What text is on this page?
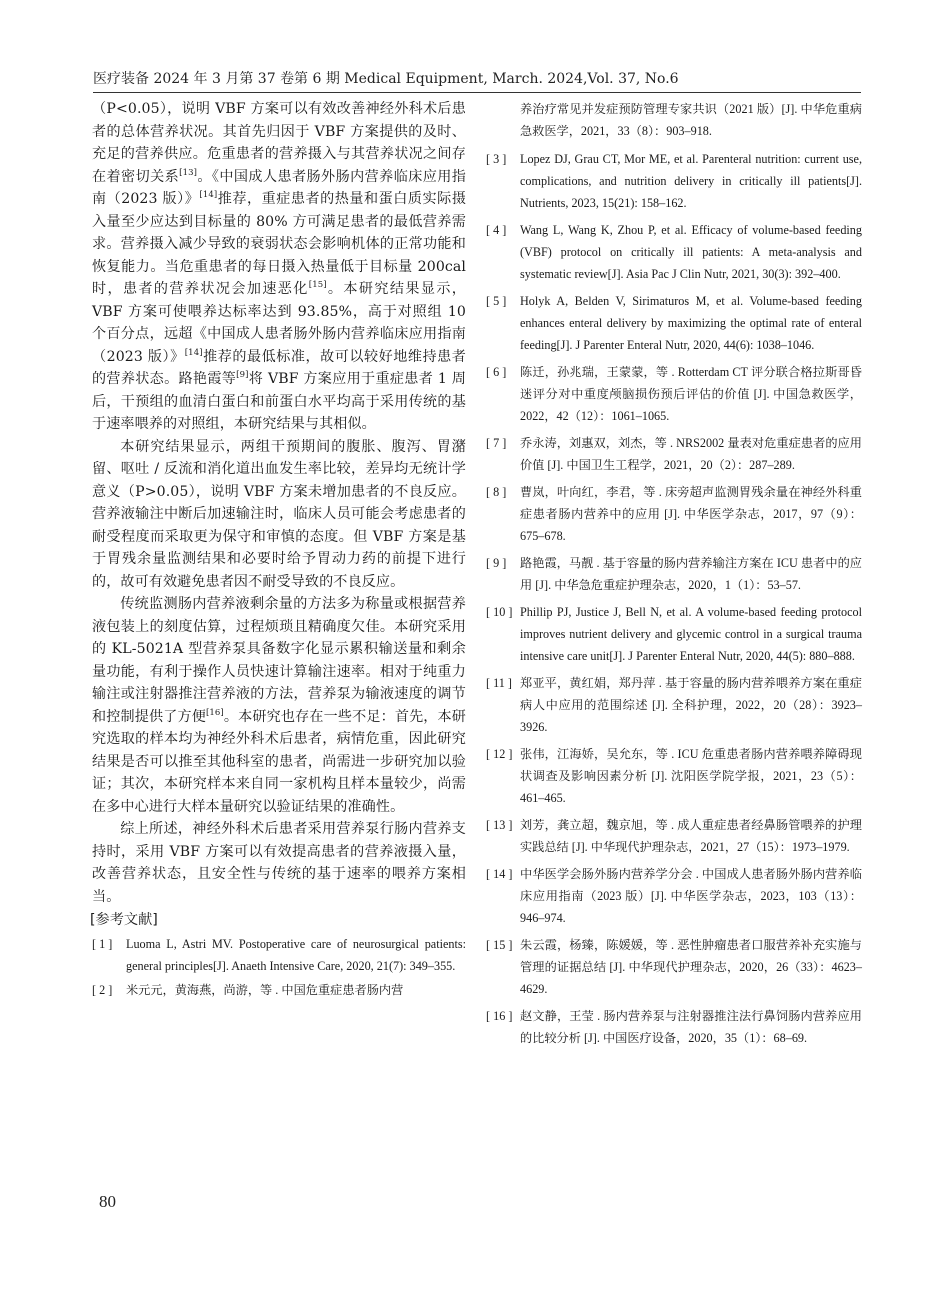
医疗装备 2024 年 3 月第 37 卷第 6 期 Medical Equipment, March. 2024,Vol. 37, No.6

（P<0.05），说明 VBF 方案可以有效改善神经外科术后患者的总体营养状况。其首先归因于 VBF 方案提供的及时、充足的营养供应。危重患者的营养摄入与其营养状况之间存在着密切关系[13]。《中国成人患者肠外肠内营养临床应用指南（2023 版）》[14]推荐，重症患者的热量和蛋白质实际摄入量至少应达到目标量的 80% 方可满足患者的最低营养需求。营养摄入减少导致的衰弱状态会影响机体的正常功能和恢复能力。当危重患者的每日摄入热量低于目标量 200cal 时，患者的营养状况会加速恶化[15]。本研究结果显示，VBF 方案可使喂养达标率达到 93.85%，高于对照组 10 个百分点，远超《中国成人患者肠外肠内营养临床应用指南（2023 版）》[14]推荐的最低标准，故可以较好地维持患者的营养状态。路艳霞等[9]将 VBF 方案应用于重症患者 1 周后，干预组的血清白蛋白和前蛋白水平均高于采用传统的基于速率喂养的对照组，本研究结果与其相似。

本研究结果显示，两组干预期间的腹胀、腹泻、胃潴留、呕吐 / 反流和消化道出血发生率比较，差异均无统计学意义（P>0.05），说明 VBF 方案未增加患者的不良反应。营养液输注中断后加速输注时，临床人员可能会考虑患者的耐受程度而采取更为保守和审慎的态度。但 VBF 方案是基于胃残余量监测结果和必要时给予胃动力药的前提下进行的，故可有效避免患者因不耐受导致的不良反应。

传统监测肠内营养液剩余量的方法多为称量或根据营养液包装上的刻度估算，过程烦琐且精确度欠佳。本研究采用的 KL-5021A 型营养泵具备数字化显示累积输送量和剩余量功能，有利于操作人员快速计算输注速率。相对于纯重力输注或注射器推注营养液的方法，营养泵为输液速度的调节和控制提供了方便[16]。本研究也存在一些不足：首先，本研究选取的样本均为神经外科术后患者，病情危重，因此研究结果是否可以推至其他科室的患者，尚需进一步研究加以验证；其次，本研究样本来自同一家机构且样本量较少，尚需在多中心进行大样本量研究以验证结果的准确性。

综上所述，神经外科术后患者采用营养泵行肠内营养支持时，采用 VBF 方案可以有效提高患者的营养液摄入量，改善营养状态，且安全性与传统的基于速率的喂养方案相当。

[参考文献]
[ 1 ]	Luoma L, Astri MV. Postoperative care of neurosurgical patients: general principles[J]. Anaeth Intensive Care, 2020, 21(7): 349–355.
[ 2 ]	米元元，黄海燕，尚游，等 . 中国危重症患者肠内营
养治疗常见并发症预防管理专家共识（2021 版）[J]. 中华危重病急救医学，2021，33（8）：903–918.
[ 3 ]	Lopez DJ, Grau CT, Mor ME, et al. Parenteral nutrition: current use, complications, and nutrition delivery in critically ill patients[J]. Nutrients, 2023, 15(21): 158–162.
[ 4 ]	Wang L, Wang K, Zhou P, et al. Efficacy of volume-based feeding (VBF) protocol on critically ill patients: A meta-analysis and systematic review[J]. Asia Pac J Clin Nutr, 2021, 30(3): 392–400.
[ 5 ]	Holyk A, Belden V, Sirimaturos M, et al. Volume-based feeding enhances enteral delivery by maximizing the optimal rate of enteral feeding[J]. J Parenter Enteral Nutr, 2020, 44(6): 1038–1046.
[ 6 ]	陈迁，孙兆瑞，王蒙蒙，等 . Rotterdam CT 评分联合格拉斯哥昏迷评分对中重度颅脑损伤预后评估的价值 [J]. 中国急救医学，2022，42（12）：1061–1065.
[ 7 ]	乔永涛，刘惠双，刘杰，等 . NRS2002 量表对危重症患者的应用价值 [J]. 中国卫生工程学，2021，20（2）：287–289.
[ 8 ]	曹岚，叶向红，李君，等 . 床旁超声监测胃残余量在神经外科重症患者肠内营养中的应用 [J]. 中华医学杂志，2017，97（9）：675–678.
[ 9 ]	路艳霞，马靓 . 基于容量的肠内营养输注方案在 ICU 患者中的应用 [J]. 中华急危重症护理杂志，2020，1（1）：53–57.
[ 10 ] Phillip PJ, Justice J, Bell N, et al. A volume-based feeding protocol improves nutrient delivery and glycemic control in a surgical trauma intensive care unit[J]. J Parenter Enteral Nutr, 2020, 44(5): 880–888.
[ 11 ] 郑亚平，黄红娟，郑丹萍 . 基于容量的肠内营养喂养方案在重症病人中应用的范围综述 [J]. 全科护理，2022，20（28）：3923–3926.
[ 12 ] 张伟，江海娇，吴允东，等 . ICU 危重患者肠内营养喂养障碍现状调查及影响因素分析 [J]. 沈阳医学院学报，2021，23（5）：461–465.
[ 13 ] 刘芳，龚立超，魏京旭，等 . 成人重症患者经鼻肠管喂养的护理实践总结 [J]. 中华现代护理杂志，2021，27（15）：1973–1979.
[ 14 ] 中华医学会肠外肠内营养学分会 . 中国成人患者肠外肠内营养临床应用指南（2023 版）[J]. 中华医学杂志，2023，103（13）：946–974.
[ 15 ] 朱云霞，杨臻，陈媛媛，等 . 恶性肿瘤患者口服营养补充实施与管理的证据总结 [J]. 中华现代护理杂志，2020，26（33）：4623–4629.
[ 16 ] 赵文静，王莹 . 肠内营养泵与注射器推注法行鼻饲肠内营养应用的比较分析 [J]. 中国医疗设备，2020，35（1）：68–69.
80
